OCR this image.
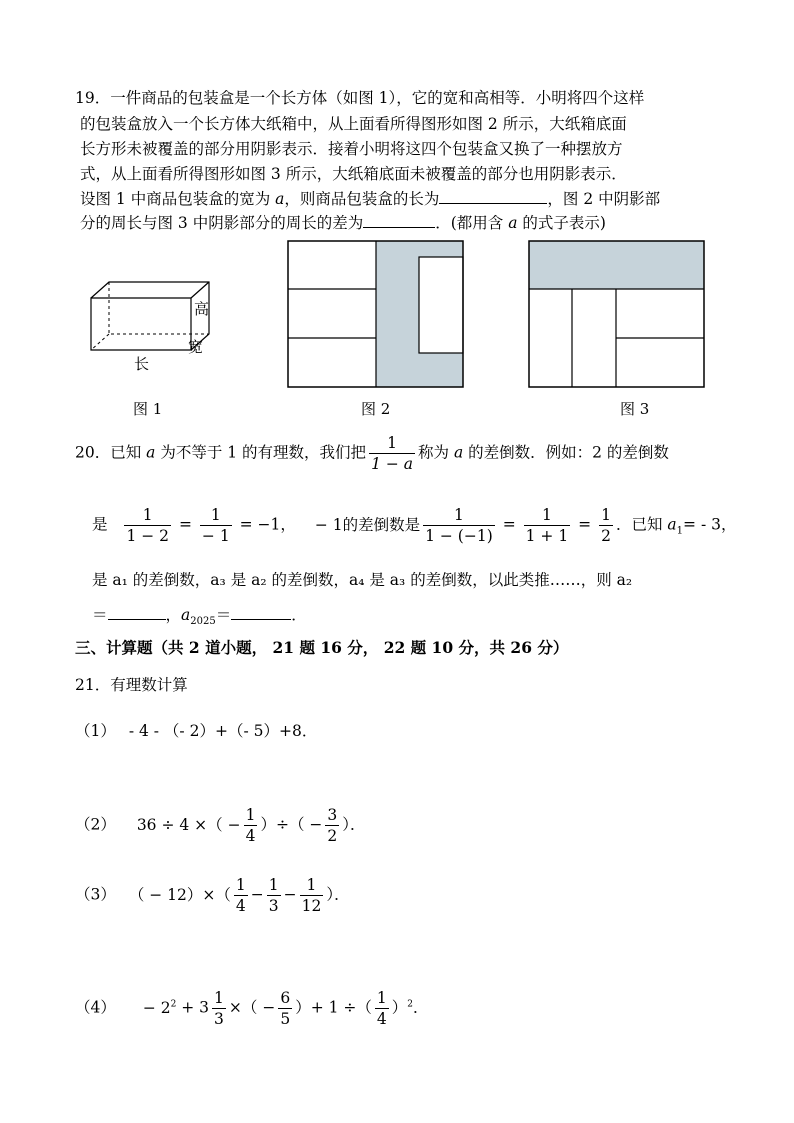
19．一件商品的包装盒是一个长方体（如图 1），它的宽和高相等．小明将四个这样
的包装盒放入一个长方体大纸箱中，从上面看所得图形如图 2 所示，大纸箱底面
长方形未被覆盖的部分用阴影表示．接着小明将这四个包装盒又换了一种摆放方
式，从上面看所得图形如图 3 所示，大纸箱底面未被覆盖的部分也用阴影表示．
设图 1 中商品包装盒的宽为 a，则商品包装盒的长为	，图 2 中阴影部
分的周长与图 3 中阴影部分的周长的差为	．(都用含 a 的式子表示)
高
宽
长
图 1	图 2	图 3
20．已知 a 为不等于 1 的有理数，我们把 $\frac{1}{1 - a}$ 称为 a 的差倒数．例如：2 的差倒数
是 $\frac{1}{1 - 2} = \frac{1}{- 1} = -1$， − 1的差倒数是 $\frac{1}{1 - (-1)} = \frac{1}{1 + 1} = \frac{1}{2}$ ．已知 $a_1= - 3$，
是 a₁ 的差倒数，a₃ 是 a₂ 的差倒数，a₄ 是 a₃ 的差倒数，以此类推……，则 a₂
＝	，$a_{2025}=$	．
三、计算题（共 2 道小题， 21 题 16 分， 22 题 10 分，共 26 分）
21．有理数计算
（1） - 4 - （- 2）+（- 5）+8．
（2） 36 ÷ 4 ×（ − $\frac{1}{4}$ ）÷（ − $\frac{3}{2}$ ）．
（3） （ − $12)\times( \frac{1}{4} - \frac{1}{3} - \frac{1}{12}$ ）．
$(4) - 2^2 + 3 \frac{1}{3}$ ×（ − $\frac{6}{5}$ ）+ 1 ÷（ $\frac{1}{4} )^2$．
